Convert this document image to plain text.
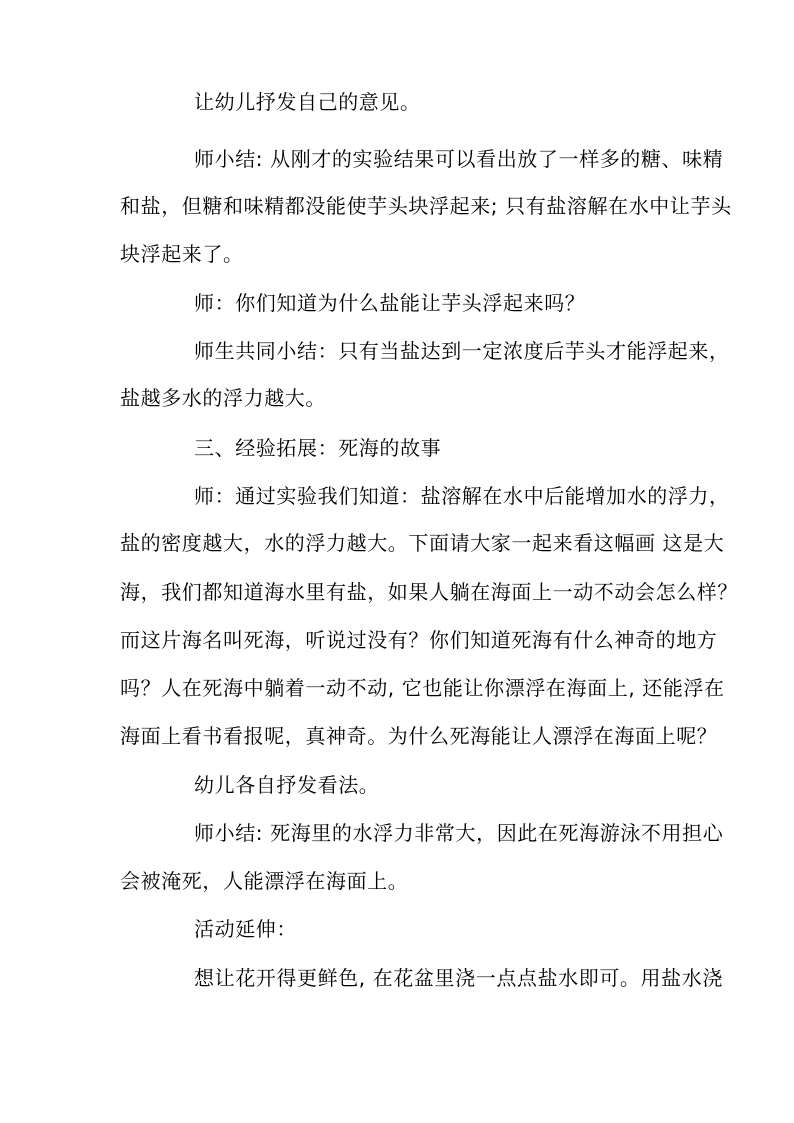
让幼儿抒发自己的意见。
师小结: 从刚才的实验结果可以看出放了一样多的糖、味精
和盐，但糖和味精都没能使芋头块浮起来; 只有盐溶解在水中让芋头
块浮起来了。
师：你们知道为什么盐能让芋头浮起来吗？
师生共同小结：只有当盐达到一定浓度后芋头才能浮起来，
盐越多水的浮力越大。
三、经验拓展：死海的故事
师：通过实验我们知道：盐溶解在水中后能增加水的浮力，
盐的密度越大，水的浮力越大。下面请大家一起来看这幅画 这是大
海，我们都知道海水里有盐，如果人躺在海面上一动不动会怎么样？
而这片海名叫死海，听说过没有？你们知道死海有什么神奇的地方
吗？人在死海中躺着一动不动, 它也能让你漂浮在海面上, 还能浮在
海面上看书看报呢，真神奇。为什么死海能让人漂浮在海面上呢？
幼儿各自抒发看法。
师小结: 死海里的水浮力非常大，因此在死海游泳不用担心
会被淹死，人能漂浮在海面上。
活动延伸：
想让花开得更鲜色, 在花盆里浇一点点盐水即可。用盐水浇
